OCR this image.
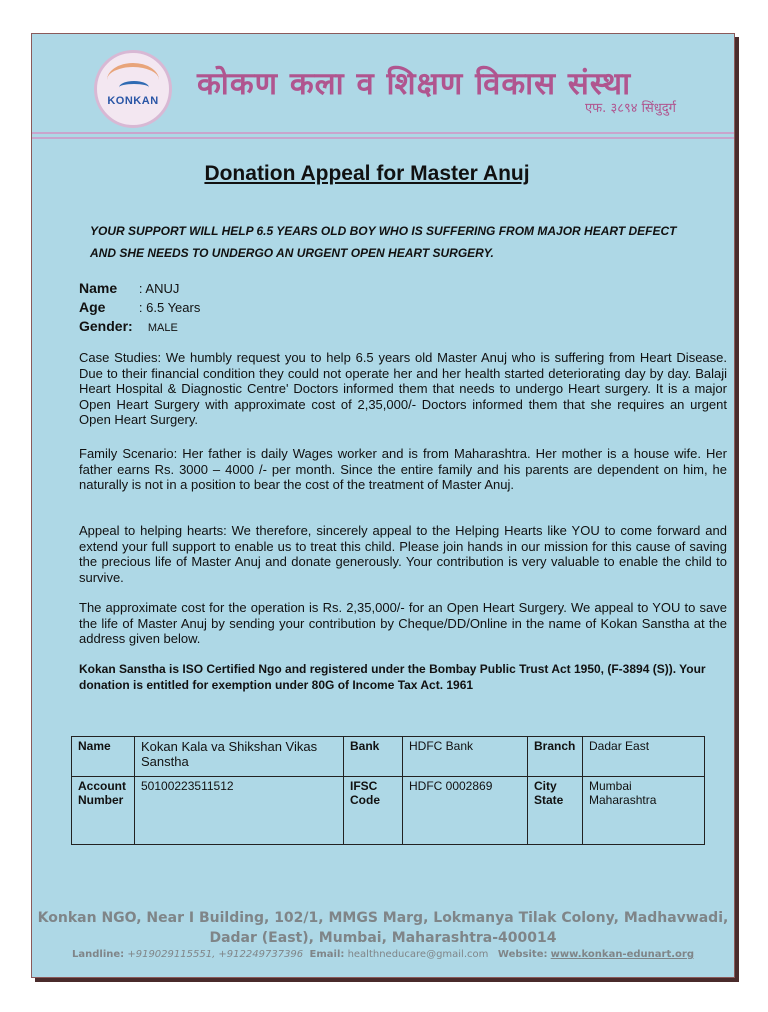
KONKAN	कोकण कला व शिक्षण विकास संस्था
एफ. ३८९४ सिंधुदुर्ग
Donation Appeal for Master Anuj
YOUR SUPPORT WILL HELP 6.5 YEARS OLD BOY WHO IS SUFFERING FROM MAJOR HEART DEFECT AND SHE NEEDS TO UNDERGO AN URGENT OPEN HEART SURGERY.
Name : ANUJ
Age	: 6.5 Years
Gender: MALE
Case Studies: We humbly request you to help 6.5 years old Master Anuj who is suffering from Heart Disease. Due to their financial condition they could not operate her and her health started deteriorating day by day. Balaji Heart Hospital & Diagnostic Centre' Doctors informed them that needs to undergo Heart surgery. It is a major Open Heart Surgery with approximate cost of 2,35,000/- Doctors informed them that she requires an urgent Open Heart Surgery.
Family Scenario: Her father is daily Wages worker and is from Maharashtra. Her mother is a house wife. Her father earns Rs. 3000 – 4000 /- per month. Since the entire family and his parents are dependent on him, he naturally is not in a position to bear the cost of the treatment of Master Anuj.
Appeal to helping hearts: We therefore, sincerely appeal to the Helping Hearts like YOU to come forward and extend your full support to enable us to treat this child. Please join hands in our mission for this cause of saving the precious life of Master Anuj and donate generously. Your contribution is very valuable to enable the child to survive.
The approximate cost for the operation is Rs. 2,35,000/- for an Open Heart Surgery. We appeal to YOU to save the life of Master Anuj by sending your contribution by Cheque/DD/Online in the name of Kokan Sanstha at the address given below.
Kokan Sanstha is ISO Certified Ngo and registered under the Bombay Public Trust Act 1950, (F-3894 (S)). Your donation is entitled for exemption under 80G of Income Tax Act. 1961
Name	Kokan Kala va Shikshan Vikas Sanstha	Bank	HDFC Bank	Branch	Dadar East
Account Number	50100223511512	IFSC Code	HDFC 0002869	City State	Mumbai Maharashtra
Konkan NGO, Near I Building, 102/1, MMGS Marg, Lokmanya Tilak Colony, Madhavwadi, Dadar (East), Mumbai, Maharashtra-400014
Landline: +919029115551, +912249737396 Email: healthneducare@gmail.com Website: www.konkan-edunart.org
